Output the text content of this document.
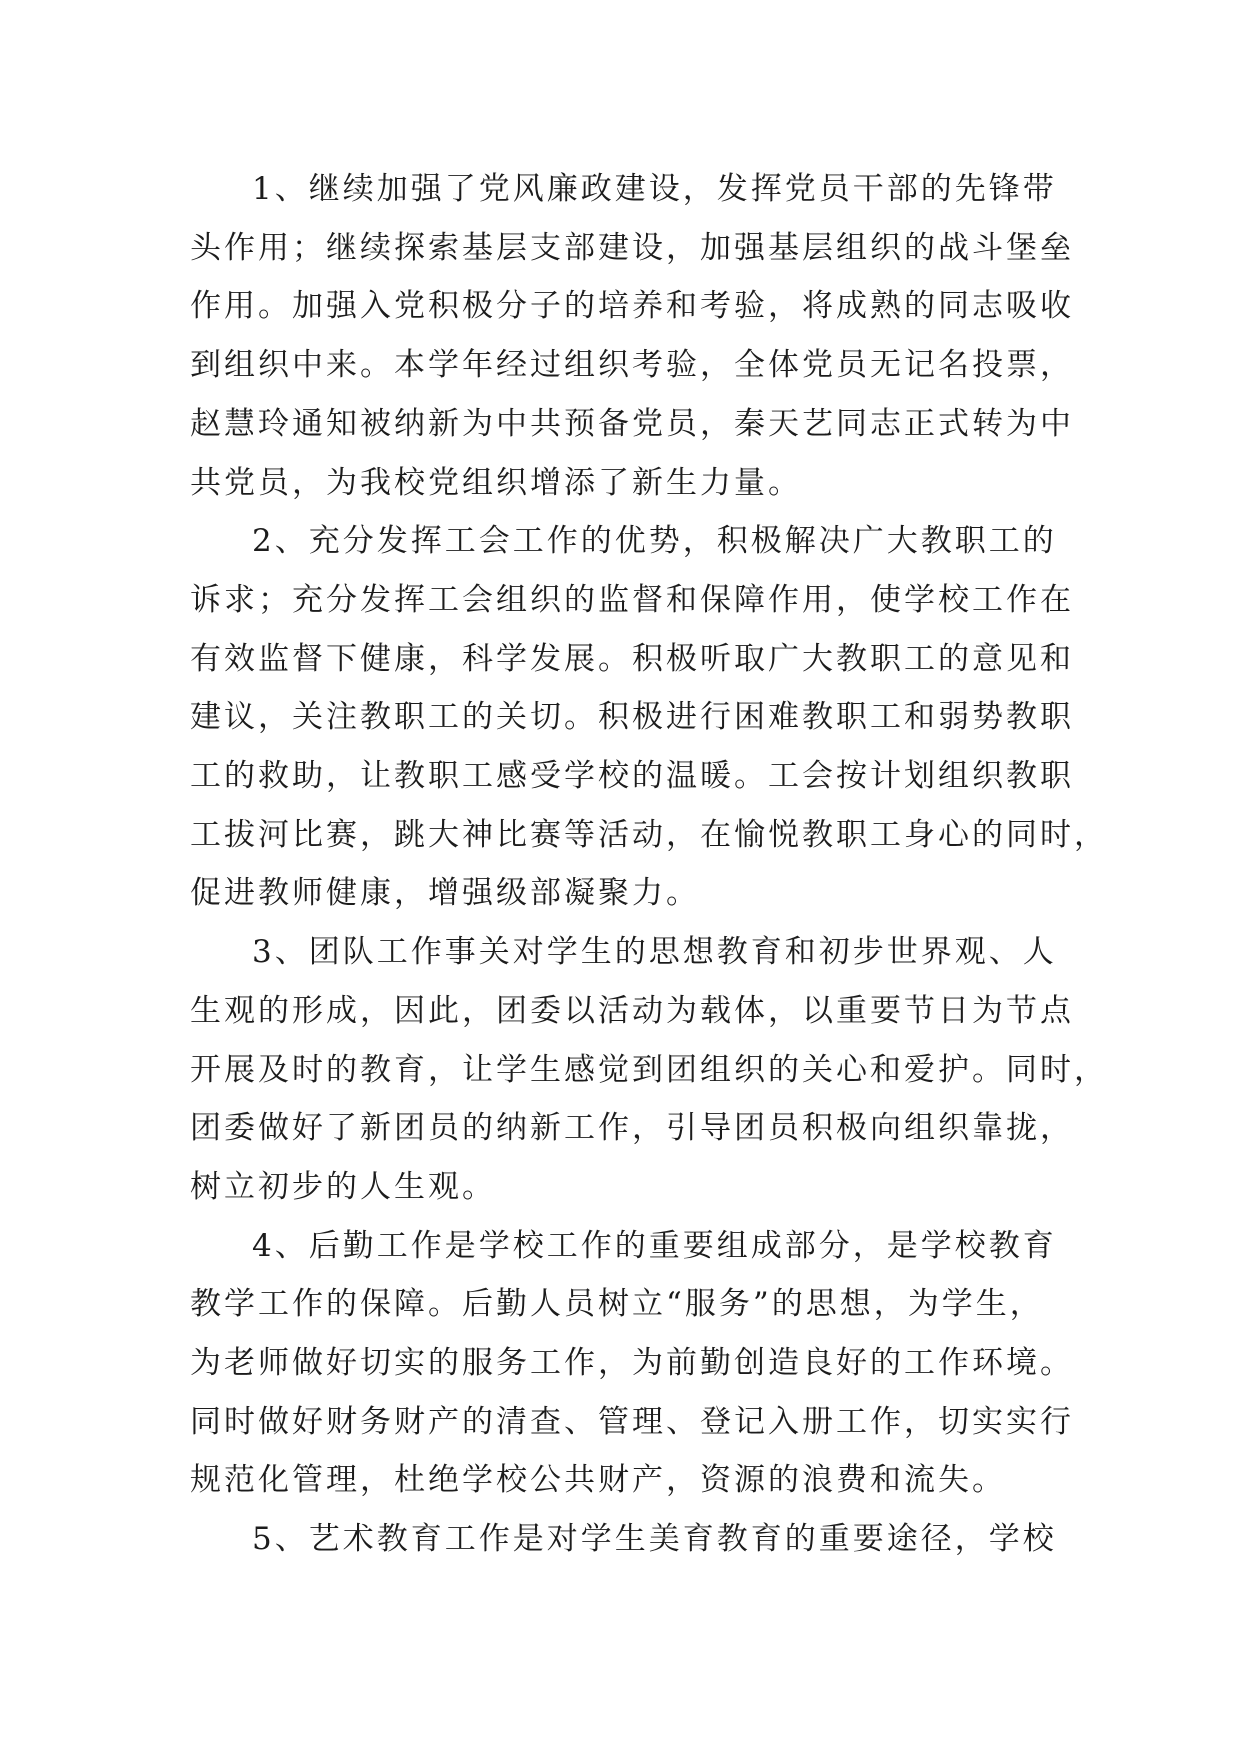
1、继续加强了党风廉政建设，发挥党员干部的先锋带
头作用；继续探索基层支部建设，加强基层组织的战斗堡垒
作用。加强入党积极分子的培养和考验，将成熟的同志吸收
到组织中来。本学年经过组织考验，全体党员无记名投票，
赵慧玲通知被纳新为中共预备党员，秦天艺同志正式转为中
共党员，为我校党组织增添了新生力量。
2、充分发挥工会工作的优势，积极解决广大教职工的
诉求；充分发挥工会组织的监督和保障作用，使学校工作在
有效监督下健康，科学发展。积极听取广大教职工的意见和
建议，关注教职工的关切。积极进行困难教职工和弱势教职
工的救助，让教职工感受学校的温暖。工会按计划组织教职
工拔河比赛，跳大神比赛等活动，在愉悦教职工身心的同时，
促进教师健康，增强级部凝聚力。
3、团队工作事关对学生的思想教育和初步世界观、人
生观的形成，因此，团委以活动为载体，以重要节日为节点
开展及时的教育，让学生感觉到团组织的关心和爱护。同时，
团委做好了新团员的纳新工作，引导团员积极向组织靠拢，
树立初步的人生观。
4、后勤工作是学校工作的重要组成部分，是学校教育
教学工作的保障。后勤人员树立“服务”的思想，为学生，
为老师做好切实的服务工作，为前勤创造良好的工作环境。
同时做好财务财产的清查、管理、登记入册工作，切实实行
规范化管理，杜绝学校公共财产，资源的浪费和流失。
5、艺术教育工作是对学生美育教育的重要途径，学校
